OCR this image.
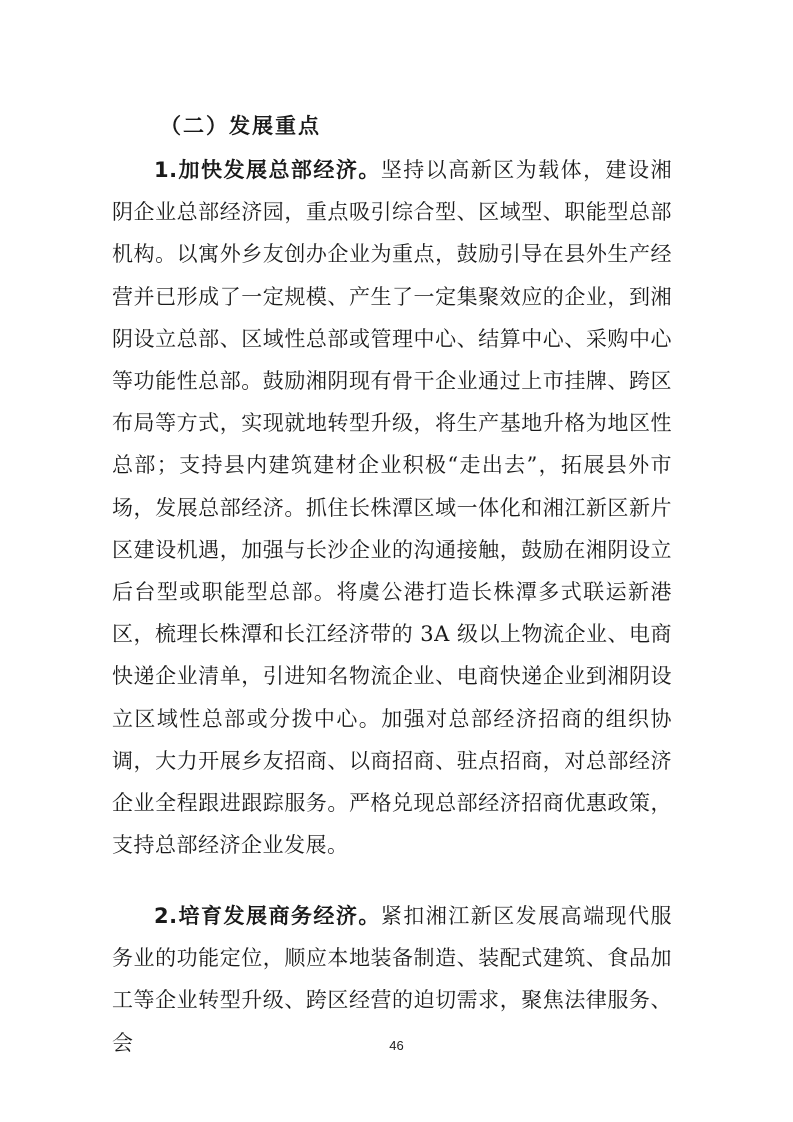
（二）发展重点

1.加快发展总部经济。坚持以高新区为载体，建设湘阴企业总部经济园，重点吸引综合型、区域型、职能型总部机构。以寓外乡友创办企业为重点，鼓励引导在县外生产经营并已形成了一定规模、产生了一定集聚效应的企业，到湘阴设立总部、区域性总部或管理中心、结算中心、采购中心等功能性总部。鼓励湘阴现有骨干企业通过上市挂牌、跨区布局等方式，实现就地转型升级，将生产基地升格为地区性总部；支持县内建筑建材企业积极“走出去”，拓展县外市场，发展总部经济。抓住长株潭区域一体化和湘江新区新片区建设机遇，加强与长沙企业的沟通接触，鼓励在湘阴设立后台型或职能型总部。将虞公港打造长株潭多式联运新港区，梳理长株潭和长江经济带的 3A 级以上物流企业、电商快递企业清单，引进知名物流企业、电商快递企业到湘阴设立区域性总部或分拨中心。加强对总部经济招商的组织协调，大力开展乡友招商、以商招商、驻点招商，对总部经济企业全程跟进跟踪服务。严格兑现总部经济招商优惠政策，支持总部经济企业发展。

2.培育发展商务经济。紧扣湘江新区发展高端现代服务业的功能定位，顺应本地装备制造、装配式建筑、食品加工等企业转型升级、跨区经营的迫切需求，聚焦法律服务、会	46
